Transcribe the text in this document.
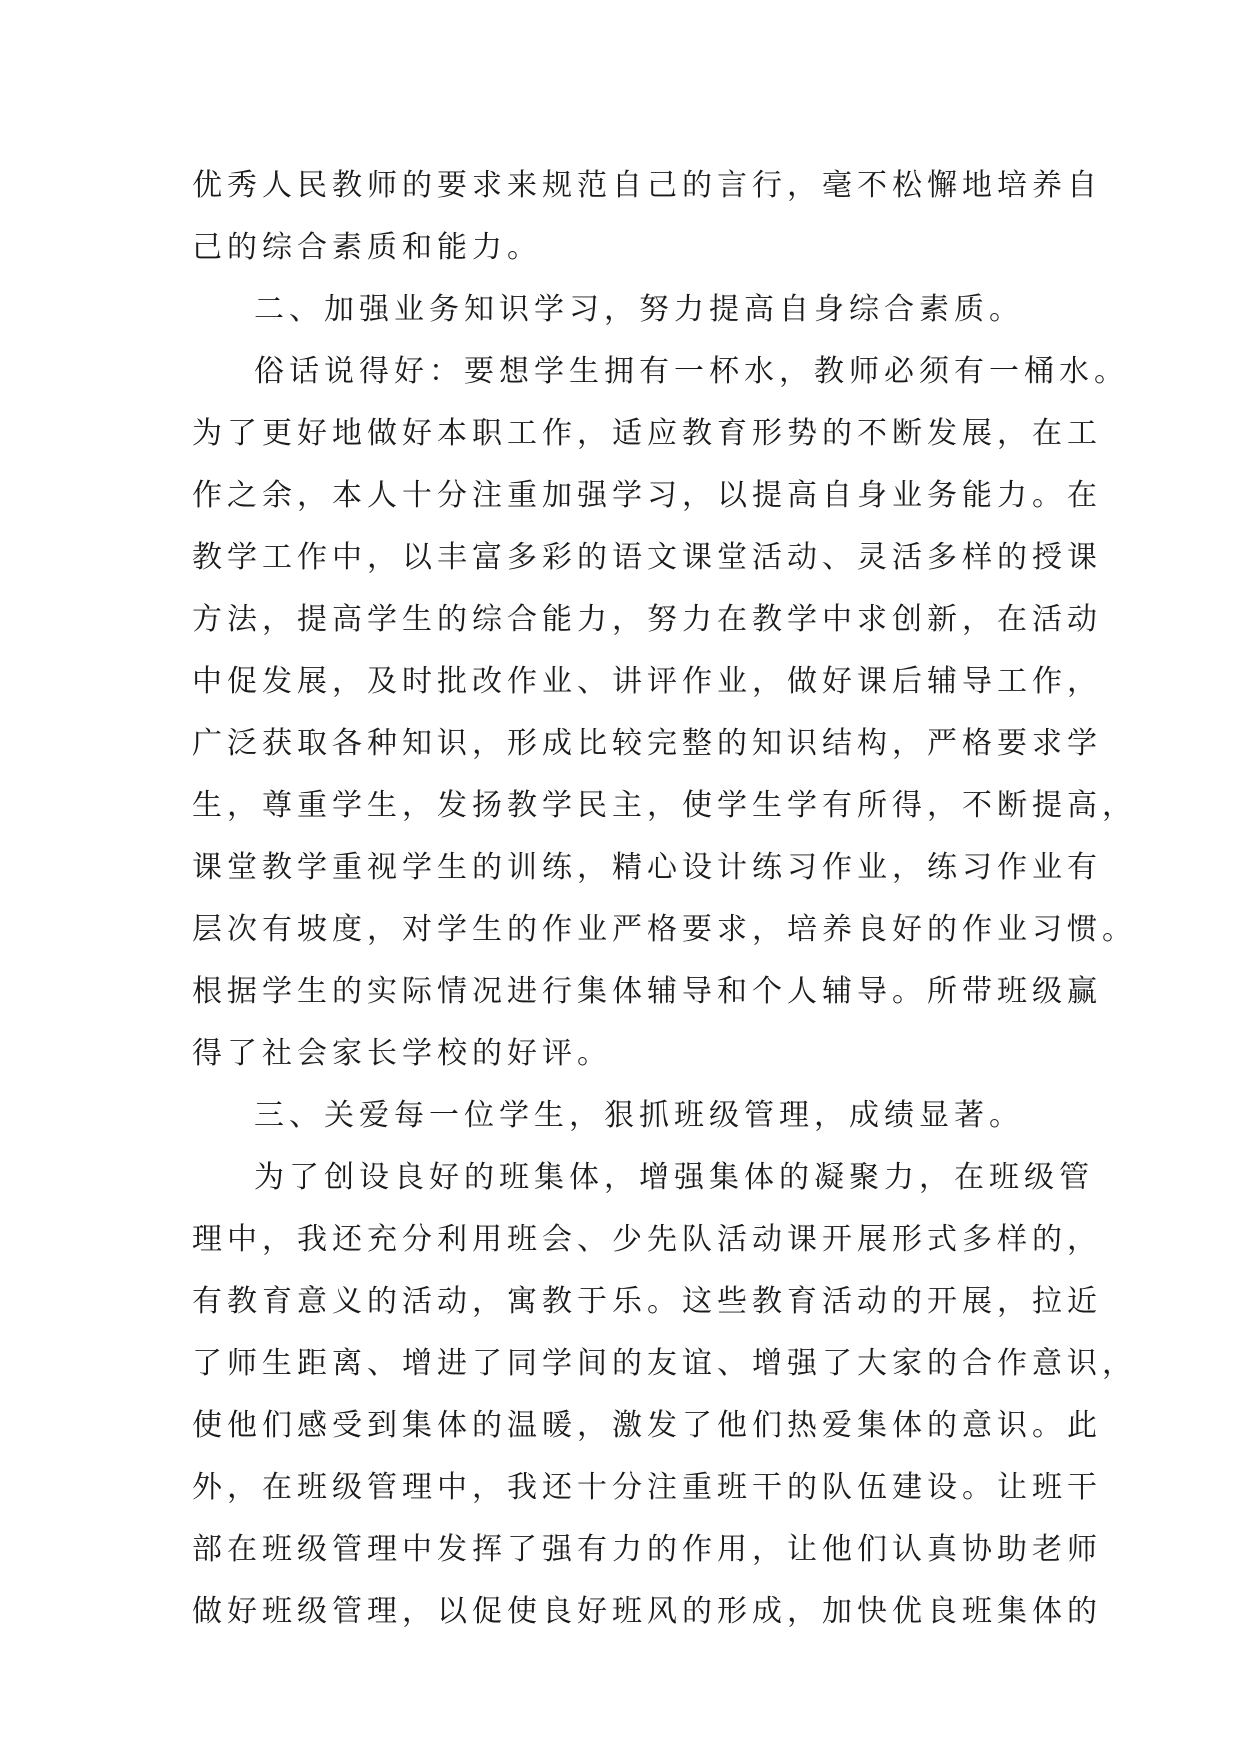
优秀人民教师的要求来规范自己的言行，毫不松懈地培养自
己的综合素质和能力。
二、加强业务知识学习，努力提高自身综合素质。
俗话说得好：要想学生拥有一杯水，教师必须有一桶水。
为了更好地做好本职工作，适应教育形势的不断发展，在工
作之余，本人十分注重加强学习，以提高自身业务能力。在
教学工作中，以丰富多彩的语文课堂活动、灵活多样的授课
方法，提高学生的综合能力，努力在教学中求创新，在活动
中促发展，及时批改作业、讲评作业，做好课后辅导工作，
广泛获取各种知识，形成比较完整的知识结构，严格要求学
生，尊重学生，发扬教学民主，使学生学有所得，不断提高，
课堂教学重视学生的训练，精心设计练习作业，练习作业有
层次有坡度，对学生的作业严格要求，培养良好的作业习惯。
根据学生的实际情况进行集体辅导和个人辅导。所带班级赢
得了社会家长学校的好评。
三、关爱每一位学生，狠抓班级管理，成绩显著。
为了创设良好的班集体，增强集体的凝聚力，在班级管
理中，我还充分利用班会、少先队活动课开展形式多样的，
有教育意义的活动，寓教于乐。这些教育活动的开展，拉近
了师生距离、增进了同学间的友谊、增强了大家的合作意识，
使他们感受到集体的温暖，激发了他们热爱集体的意识。此
外，在班级管理中，我还十分注重班干的队伍建设。让班干
部在班级管理中发挥了强有力的作用，让他们认真协助老师
做好班级管理，以促使良好班风的形成，加快优良班集体的
